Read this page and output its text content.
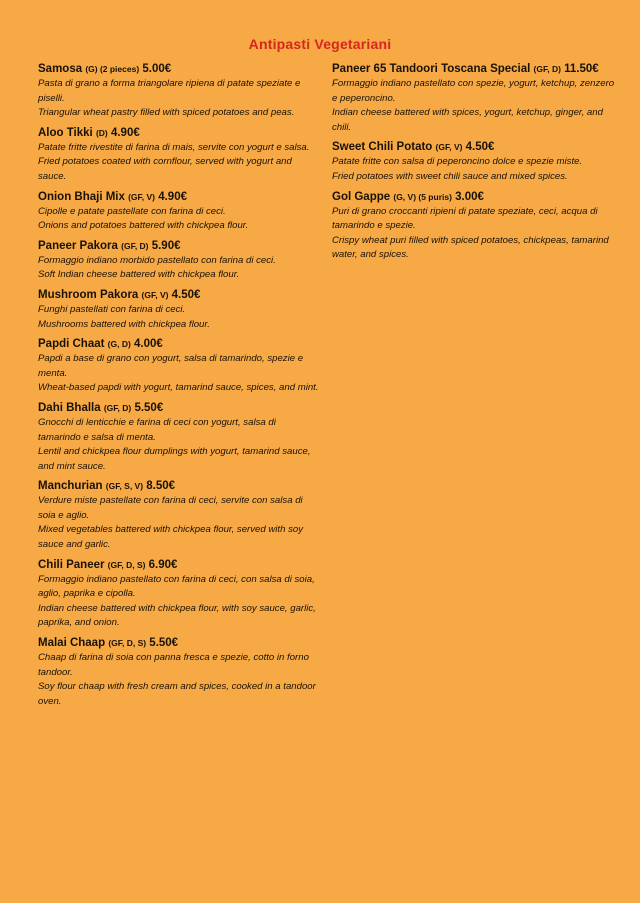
Antipasti Vegetariani
Samosa (G) (2 pieces) 5.00€
Pasta di grano a forma triangolare ripiena di patate speziate e piselli.
Triangular wheat pastry filled with spiced potatoes and peas.
Aloo Tikki (D) 4.90€
Patate fritte rivestite di farina di mais, servite con yogurt e salsa.
Fried potatoes coated with cornflour, served with yogurt and sauce.
Onion Bhaji Mix (GF, V) 4.90€
Cipolle e patate pastellate con farina di ceci.
Onions and potatoes battered with chickpea flour.
Paneer Pakora (GF, D) 5.90€
Formaggio indiano morbido pastellato con farina di ceci.
Soft Indian cheese battered with chickpea flour.
Mushroom Pakora (GF, V) 4.50€
Funghi pastellati con farina di ceci.
Mushrooms battered with chickpea flour.
Papdi Chaat (G, D) 4.00€
Papdi a base di grano con yogurt, salsa di tamarindo, spezie e menta.
Wheat-based papdi with yogurt, tamarind sauce, spices, and mint.
Dahi Bhalla (GF, D) 5.50€
Gnocchi di lenticchie e farina di ceci con yogurt, salsa di tamarindo e salsa di menta.
Lentil and chickpea flour dumplings with yogurt, tamarind sauce, and mint sauce.
Manchurian (GF, S, V) 8.50€
Verdure miste pastellate con farina di ceci, servite con salsa di soia e aglio.
Mixed vegetables battered with chickpea flour, served with soy sauce and garlic.
Chili Paneer (GF, D, S) 6.90€
Formaggio indiano pastellato con farina di ceci, con salsa di soia, aglio, paprika e cipolla.
Indian cheese battered with chickpea flour, with soy sauce, garlic, paprika, and onion.
Malai Chaap (GF, D, S) 5.50€
Chaap di farina di soia con panna fresca e spezie, cotto in forno tandoor.
Soy flour chaap with fresh cream and spices, cooked in a tandoor oven.
Paneer 65 Tandoori Toscana Special (GF, D) 11.50€
Formaggio indiano pastellato con spezie, yogurt, ketchup, zenzero e peperoncino.
Indian cheese battered with spices, yogurt, ketchup, ginger, and chili.
Sweet Chili Potato (GF, V) 4.50€
Patate fritte con salsa di peperoncino dolce e spezie miste.
Fried potatoes with sweet chili sauce and mixed spices.
Gol Gappe (G, V) (5 puris) 3.00€
Puri di grano croccanti ripieni di patate speziate, ceci, acqua di tamarindo e spezie.
Crispy wheat puri filled with spiced potatoes, chickpeas, tamarind water, and spices.
